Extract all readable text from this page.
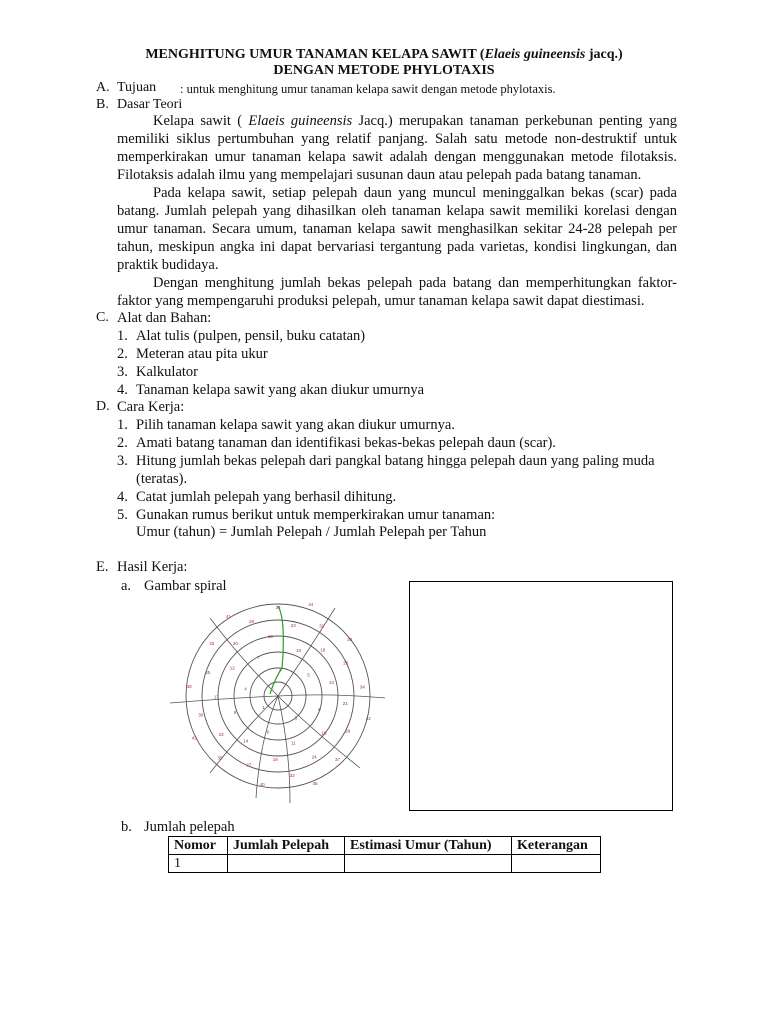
MENGHITUNG UMUR TANAMAN KELAPA SAWIT (Elaeis guineensis jacq.)
DENGAN METODE PHYLOTAXIS
A. Tujuan : untuk menghitung umur tanaman kelapa sawit dengan metode phylotaxis.
B. Dasar Teori
Kelapa sawit ( Elaeis guineensis Jacq.) merupakan tanaman perkebunan penting yang memiliki siklus pertumbuhan yang relatif panjang. Salah satu metode non-destruktif untuk memperkirakan umur tanaman kelapa sawit adalah dengan menggunakan metode filotaksis. Filotaksis adalah ilmu yang mempelajari susunan daun atau pelepah pada batang tanaman.
Pada kelapa sawit, setiap pelepah daun yang muncul meninggalkan bekas (scar) pada batang. Jumlah pelepah yang dihasilkan oleh tanaman kelapa sawit memiliki korelasi dengan umur tanaman. Secara umum, tanaman kelapa sawit menghasilkan sekitar 24-28 pelepah per tahun, meskipun angka ini dapat bervariasi tergantung pada varietas, kondisi lingkungan, dan praktik budidaya.
Dengan menghitung jumlah bekas pelepah pada batang dan memperhitungkan faktor-faktor yang mempengaruhi produksi pelepah, umur tanaman kelapa sawit dapat diestimasi.
C. Alat dan Bahan:
1. Alat tulis (pulpen, pensil, buku catatan)
2. Meteran atau pita ukur
3. Kalkulator
4. Tanaman kelapa sawit yang akan diukur umurnya
D. Cara Kerja:
1. Pilih tanaman kelapa sawit yang akan diukur umurnya.
2. Amati batang tanaman dan identifikasi bekas-bekas pelepah daun (scar).
3. Hitung jumlah bekas pelepah dari pangkal batang hingga pelepah daun yang paling muda (teratas).
4. Catat jumlah pelepah yang berhasil dihitung.
5. Gunakan rumus berikut untuk memperkirakan umur tanaman:
Umur (tahun) = Jumlah Pelepah / Jumlah Pelepah per Tahun
E. Hasil Kerja:
a. Gambar spiral
1
2
3
4
5
6
7
8
9
10
11
12
13
14
15
16
17
18
19
20
21
22
23
24
25
26
27
28
29
30
31
32
33
34
35
36
37
38
39
40
41
42
43
44
45
b. Jumlah pelepah
Nomor	Jumlah Pelepah	Estimasi Umur (Tahun)	Keterangan
1			
